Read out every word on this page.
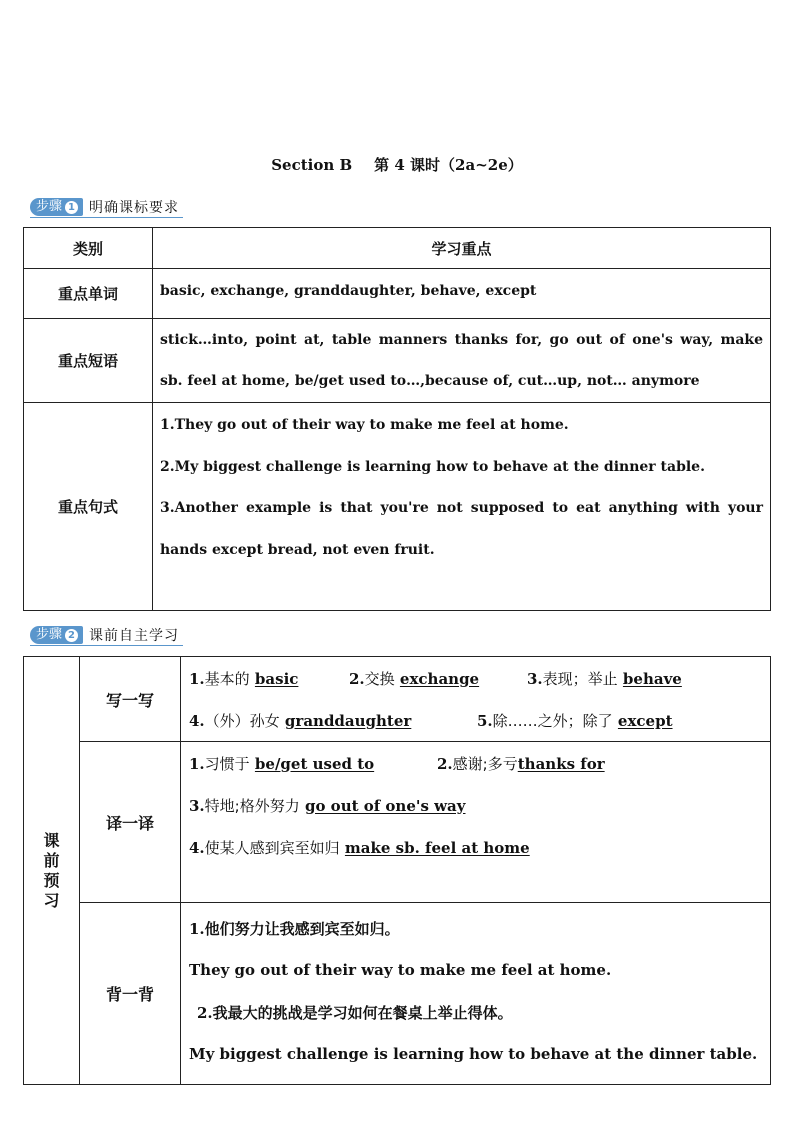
Section B 第 4 课时（2a~2e）
步骤 1	明确课标要求
类别	学习重点
重点单词	basic, exchange, granddaughter, behave, except

重点短语	stick…into, point at, table manners thanks for, go out of one's way, make
sb. feel at home, be/get used to…,because of, cut…up, not… anymore

重点句式	1.They go out of their way to make me feel at home.
2.My biggest challenge is learning how to behave at the dinner table.
3.Another example is that you're not supposed to eat anything with your
hands except bread, not even fruit.
步骤 2	课前自主学习
课前预习	写一写	1.基本的 basic 2.交换 exchange 3.表现；举止 behave
4.（外）孙女 granddaughter 5.除……之外；除了 except

	译一译	1.习惯于 be/get used to 2.感谢;多亏thanks for
3.特地;格外努力 go out of one's way
4.使某人感到宾至如归 make sb. feel at home

	背一背	1.他们努力让我感到宾至如归。
They go out of their way to make me feel at home.
2.我最大的挑战是学习如何在餐桌上举止得体。
My biggest challenge is learning how to behave at the dinner table.
